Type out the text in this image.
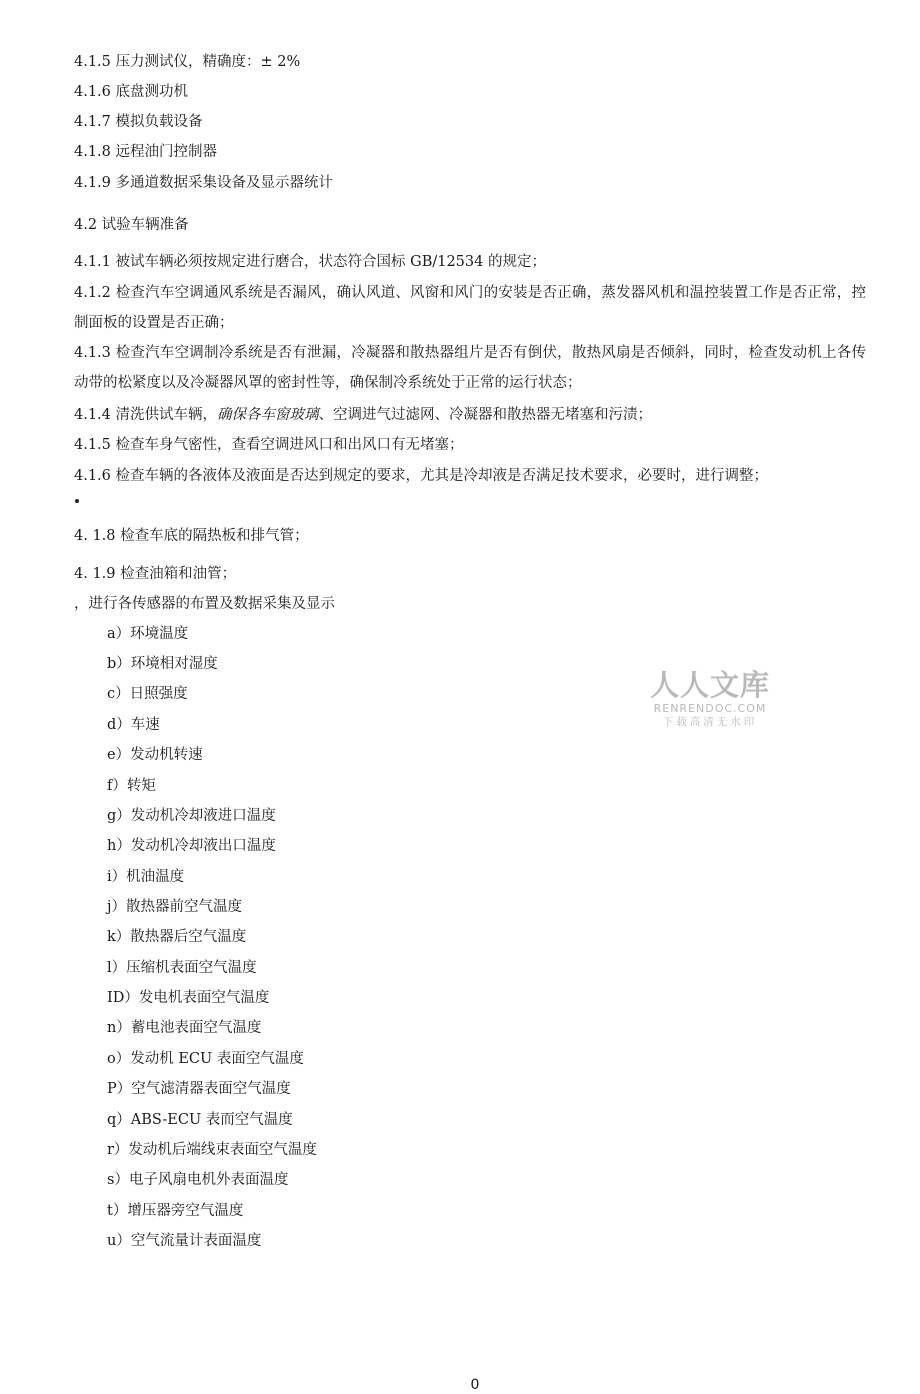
4.1.5 压力测试仪，精确度：± 2%
4.1.6 底盘测功机
4.1.7 模拟负载设备
4.1.8 远程油门控制器
4.1.9 多通道数据采集设备及显示器统计
4.2 试验车辆准备
4.1.1 被试车辆必须按规定进行磨合，状态符合国标 GB/12534 的规定；
4.1.2 检查汽车空调通风系统是否漏风，确认风道、风窗和风门的安装是否正确，蒸发器风机和温控装置工作是否正常，控制面板的设置是否正确；
4.1.3 检查汽车空调制冷系统是否有泄漏，冷凝器和散热器组片是否有倒伏，散热风扇是否倾斜，同时，检查发动机上各传动带的松紧度以及冷凝器风罩的密封性等，确保制冷系统处于正常的运行状态；
4.1.4 清洗供试车辆，确保各车窗玻璃、空调进气过滤网、冷凝器和散热器无堵塞和污渍；
4.1.5 检查车身气密性，查看空调进风口和出风口有无堵塞；
4.1.6 检查车辆的各液体及液面是否达到规定的要求，尤其是冷却液是否满足技术要求，必要时，进行调整；
4. 1.8 检查车底的隔热板和排气管；
4. 1.9 检查油箱和油管；
，进行各传感器的布置及数据采集及显示
a）环境温度
b）环境相对湿度
c）日照强度
d）车速
e）发动机转速
f）转矩
g）发动机冷却液进口温度
h）发动机冷却液出口温度
i）机油温度
j）散热器前空气温度
k）散热器后空气温度
l）压缩机表面空气温度
ID）发电机表面空气温度
n）蓄电池表面空气温度
o）发动机 ECU 表面空气温度
P）空气滤清器表面空气温度
q）ABS-ECU 表而空气温度
r）发动机后端线束表面空气温度
s）电子风扇电机外表面温度
t）增压器旁空气温度
u）空气流量计表面温度
人人文库
RENRENDOC.COM
下载高清无水印
0
